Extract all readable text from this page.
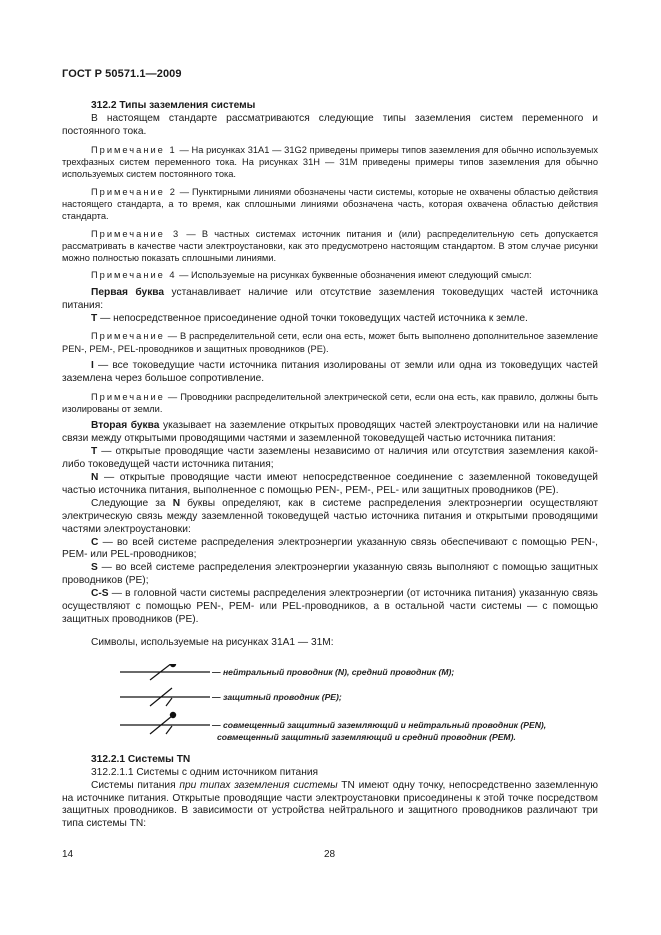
ГОСТ Р 50571.1—2009

312.2 Типы заземления системы

В настоящем стандарте рассматриваются следующие типы заземления систем переменного и постоянного тока.

Примечание 1 — На рисунках 31А1 — 31G2 приведены примеры типов заземления для обычно используемых трехфазных систем переменного тока. На рисунках 31Н — 31М приведены примеры типов заземления для обычно используемых систем постоянного тока.

Примечание 2 — Пунктирными линиями обозначены части системы, которые не охвачены областью действия настоящего стандарта, а то время, как сплошными линиями обозначена часть, которая охвачена областью действия стандарта.

Примечание 3 — В частных системах источник питания и (или) распределительную сеть допускается рассматривать в качестве части электроустановки, как это предусмотрено настоящим стандартом. В этом случае рисунки можно полностью показать сплошными линиями.

Примечание 4 — Используемые на рисунках буквенные обозначения имеют следующий смысл:

Первая буква устанавливает наличие или отсутствие заземления токоведущих частей источника питания:

Т — непосредственное присоединение одной точки токоведущих частей источника к земле.

Примечание — В распределительной сети, если она есть, может быть выполнено дополнительное заземление PEN-, PEM-, PEL-проводников и защитных проводников (РЕ).

I — все токоведущие части источника питания изолированы от земли или одна из токоведущих частей заземлена через большое сопротивление.

Примечание — Проводники распределительной электрической сети, если она есть, как правило, должны быть изолированы от земли.

Вторая буква указывает на заземление открытых проводящих частей электроустановки или на наличие связи между открытыми проводящими частями и заземленной токоведущей частью источника питания:

Т — открытые проводящие части заземлены независимо от наличия или отсутствия заземления какой-либо токоведущей части источника питания;

N — открытые проводящие части имеют непосредственное соединение с заземленной токоведущей частью источника питания, выполненное с помощью PEN-, PEM-, PEL- или защитных проводников (РЕ).

Следующие за N буквы определяют, как в системе распределения электроэнергии осуществляют электрическую связь между заземленной токоведущей частью источника питания и открытыми проводящими частями электроустановки:

С — во всей системе распределения электроэнергии указанную связь обеспечивают с помощью PEN-, PEM- или PEL-проводников;

S — во всей системе распределения электроэнергии указанную связь выполняют с помощью защитных проводников (РЕ);

C-S — в головной части системы распределения электроэнергии (от источника питания) указанную связь осуществляют с помощью PEN-, PEM- или PEL-проводников, а в остальной части системы — с помощью защитных проводников (РЕ).

Символы, используемые на рисунках 31А1 — 31М:

— нейтральный проводник (N), средний проводник (М);
— защитный проводник (РЕ);
— совмещенный защитный заземляющий и нейтральный проводник (PEN),
совмещенный защитный заземляющий и средний проводник (PEM).

312.2.1 Системы TN

312.2.1.1 Системы с одним источником питания

Системы питания при типах заземления системы TN имеют одну точку, непосредственно заземленную на источнике питания. Открытые проводящие части электроустановки присоединены к этой точке посредством защитных проводников. В зависимости от устройства нейтрального и защитного проводников различают три типа системы TN:

14	28
